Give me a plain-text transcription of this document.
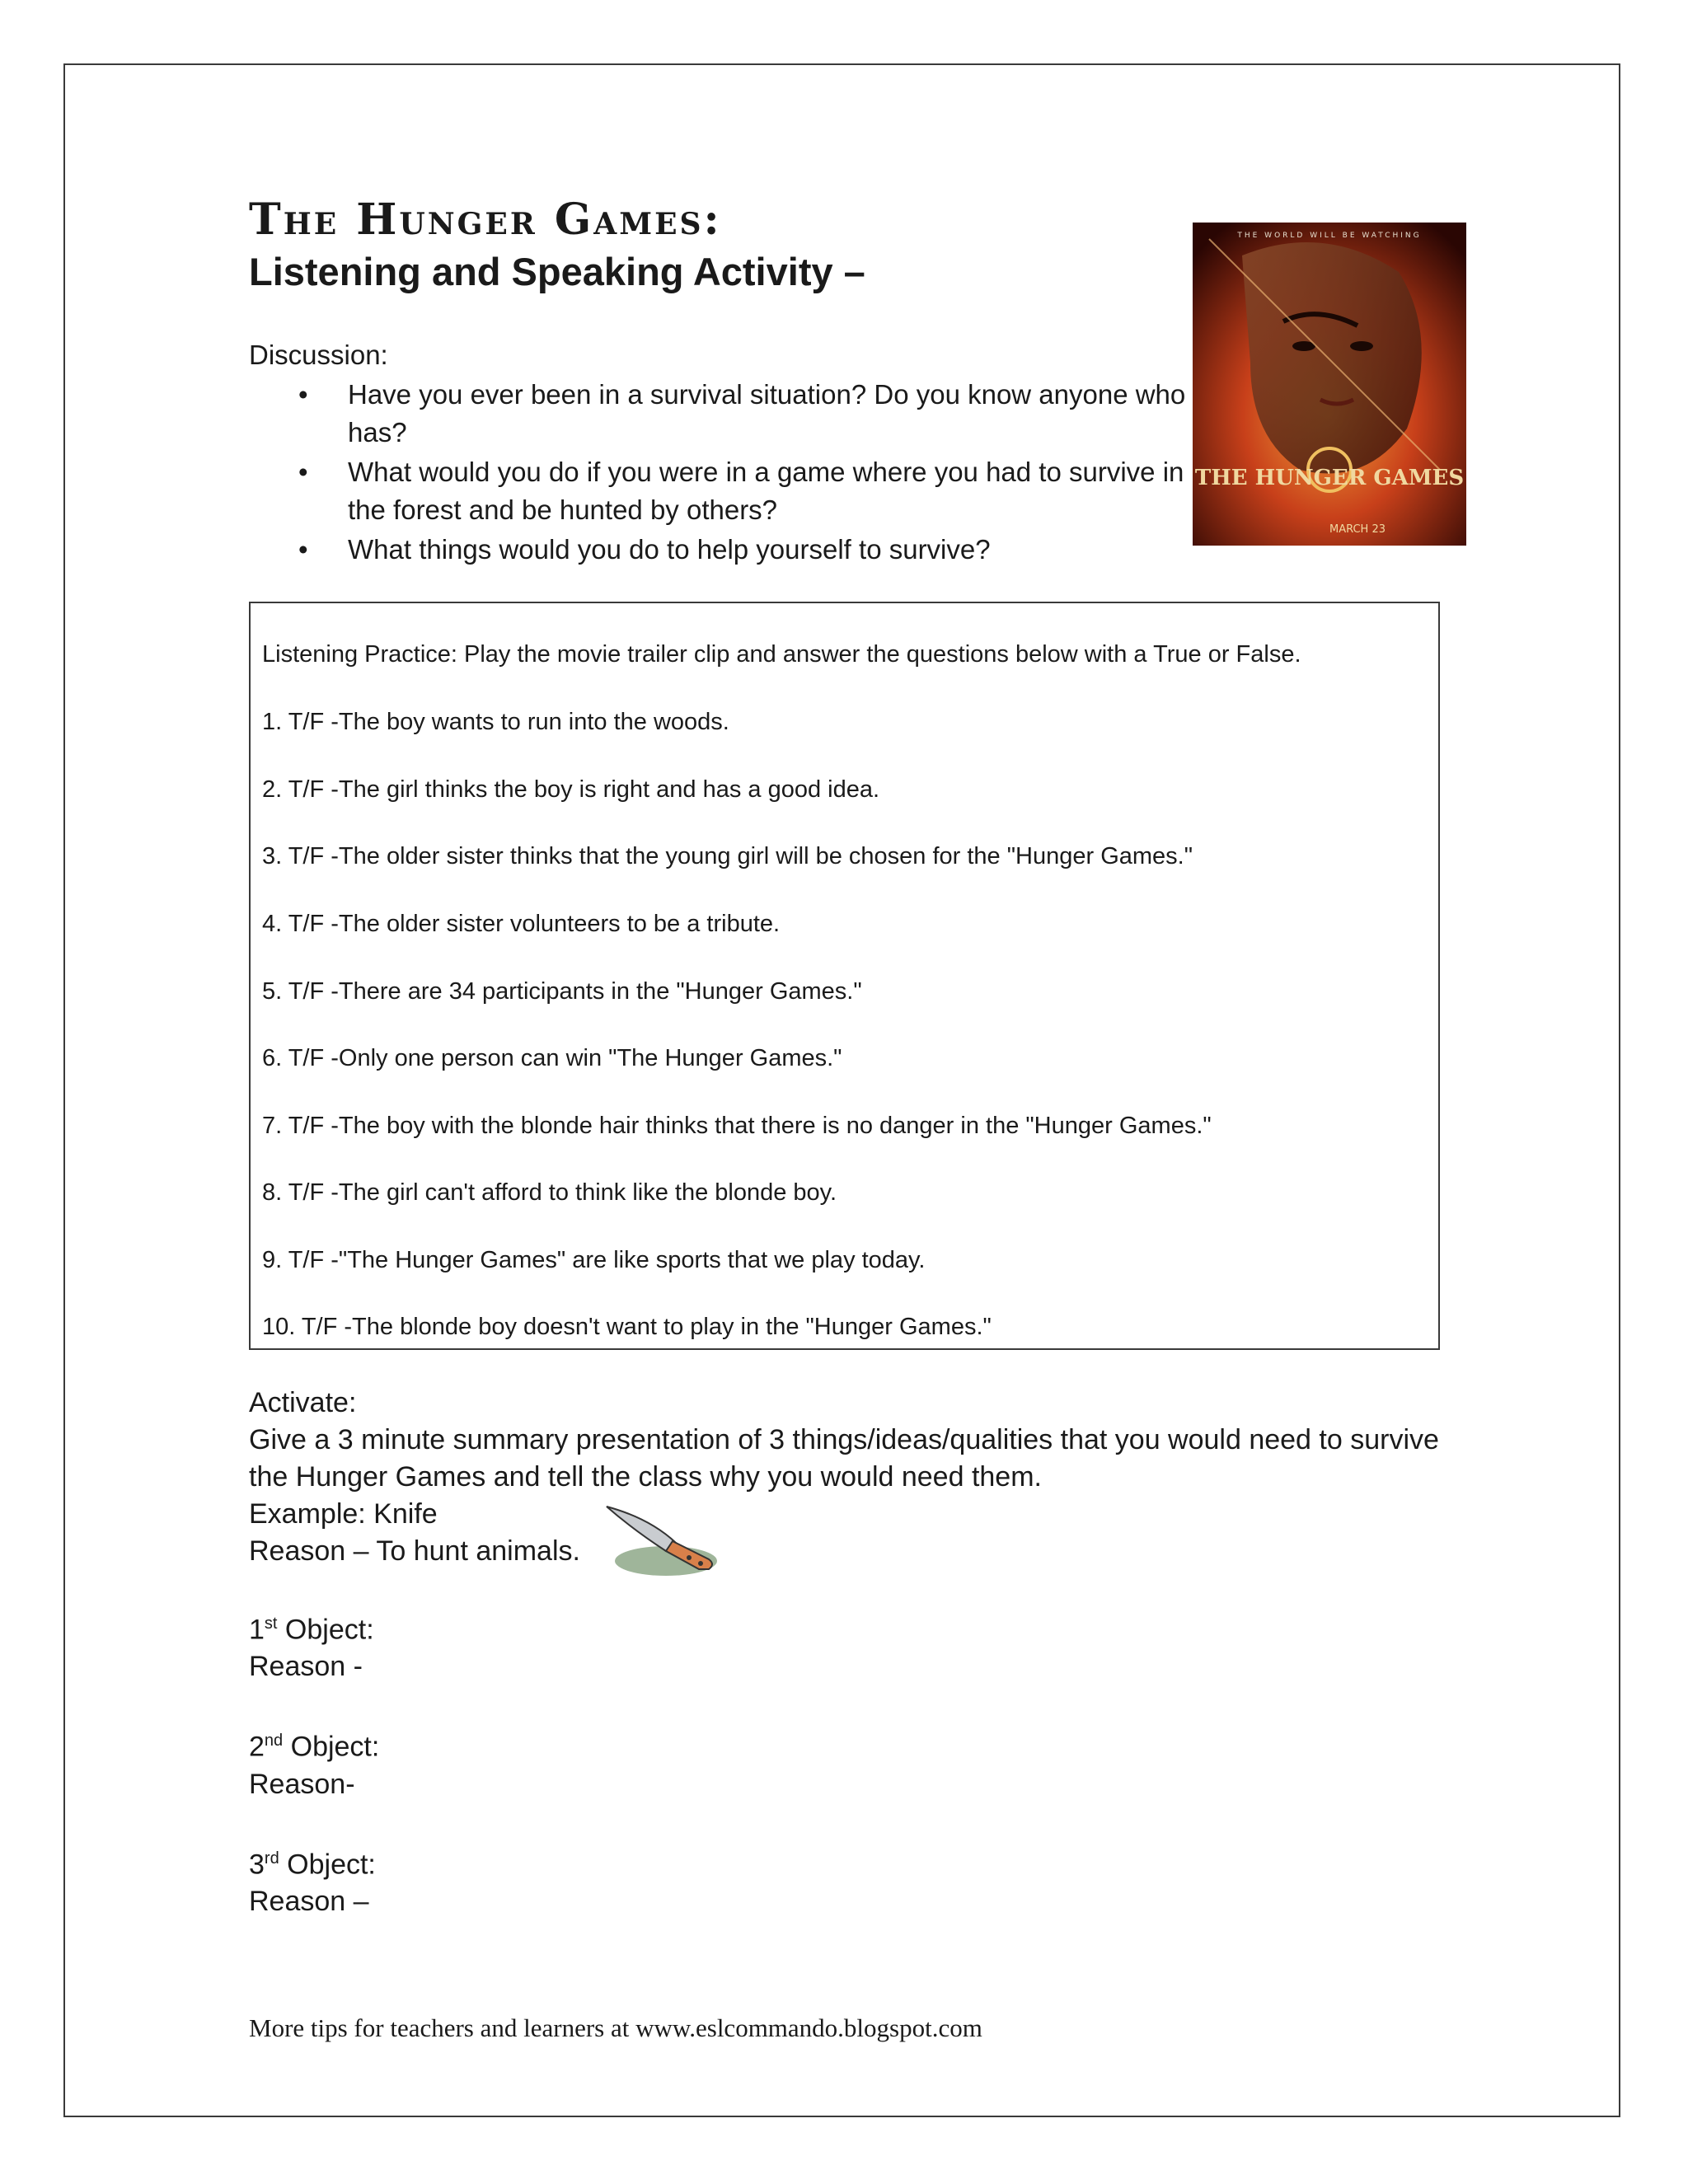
The Hunger Games:
Listening and Speaking Activity –
THE WORLD WILL BE WATCHING
THE HUNGER GAMES
MARCH 23
Discussion:
• Have you ever been in a survival situation? Do you know anyone who has?
• What would you do if you were in a game where you had to survive in the forest and be hunted by others?
• What things would you do to help yourself to survive?
Listening Practice: Play the movie trailer clip and answer the questions below with a True or False.
1. T/F -The boy wants to run into the woods.
2. T/F -The girl thinks the boy is right and has a good idea.
3. T/F -The older sister thinks that the young girl will be chosen for the "Hunger Games."
4. T/F -The older sister volunteers to be a tribute.
5. T/F -There are 34 participants in the "Hunger Games."
6. T/F -Only one person can win "The Hunger Games."
7. T/F -The boy with the blonde hair thinks that there is no danger in the "Hunger Games."
8. T/F -The girl can't afford to think like the blonde boy.
9. T/F -"The Hunger Games" are like sports that we play today.
10. T/F -The blonde boy doesn't want to play in the "Hunger Games."

Activate:

Give a 3 minute summary presentation of 3 things/ideas/qualities that you would need to survive the Hunger Games and tell the class why you would need them.

Example: Knife

Reason – To hunt animals.

1st Object:
Reason -
2nd Object:
Reason-
3rd Object:
Reason –
More tips for teachers and learners at www.eslcommando.blogspot.com
